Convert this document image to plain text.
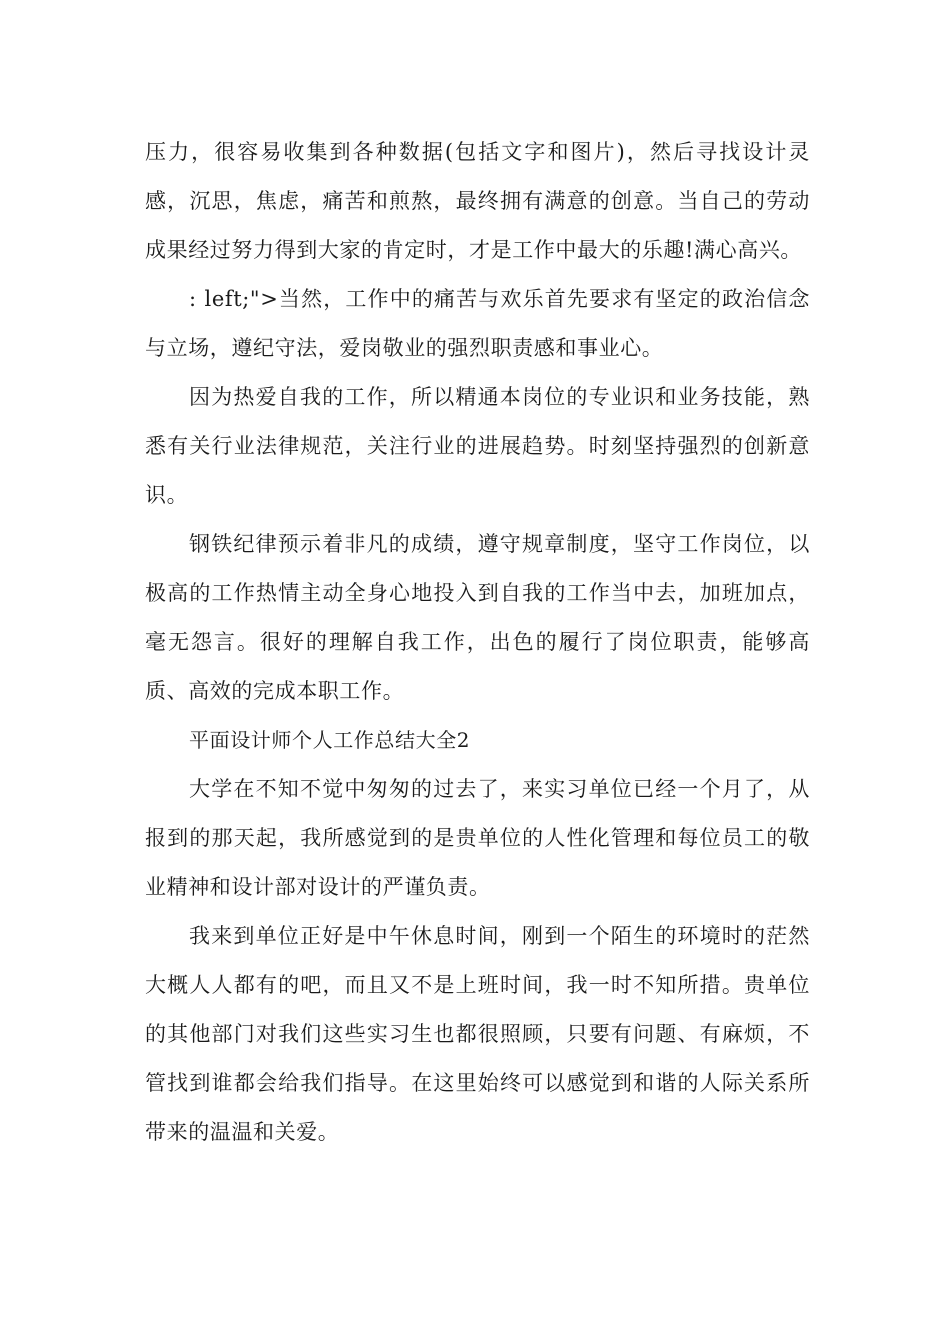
压力，很容易收集到各种数据(包括文字和图片)，然后寻找设计灵感，沉思，焦虑，痛苦和煎熬，最终拥有满意的创意。当自己的劳动成果经过努力得到大家的肯定时，才是工作中最大的乐趣!满心高兴。

: left;">当然，工作中的痛苦与欢乐首先要求有坚定的政治信念与立场，遵纪守法，爱岗敬业的强烈职责感和事业心。

因为热爱自我的工作，所以精通本岗位的专业识和业务技能，熟悉有关行业法律规范，关注行业的进展趋势。时刻坚持强烈的创新意识。

钢铁纪律预示着非凡的成绩，遵守规章制度，坚守工作岗位，以极高的工作热情主动全身心地投入到自我的工作当中去，加班加点，毫无怨言。很好的理解自我工作，出色的履行了岗位职责，能够高质、高效的完成本职工作。

平面设计师个人工作总结大全2

大学在不知不觉中匆匆的过去了，来实习单位已经一个月了，从报到的那天起，我所感觉到的是贵单位的人性化管理和每位员工的敬业精神和设计部对设计的严谨负责。

我来到单位正好是中午休息时间，刚到一个陌生的环境时的茫然大概人人都有的吧，而且又不是上班时间，我一时不知所措。贵单位的其他部门对我们这些实习生也都很照顾，只要有问题、有麻烦，不管找到谁都会给我们指导。在这里始终可以感觉到和谐的人际关系所带来的温温和关爱。
